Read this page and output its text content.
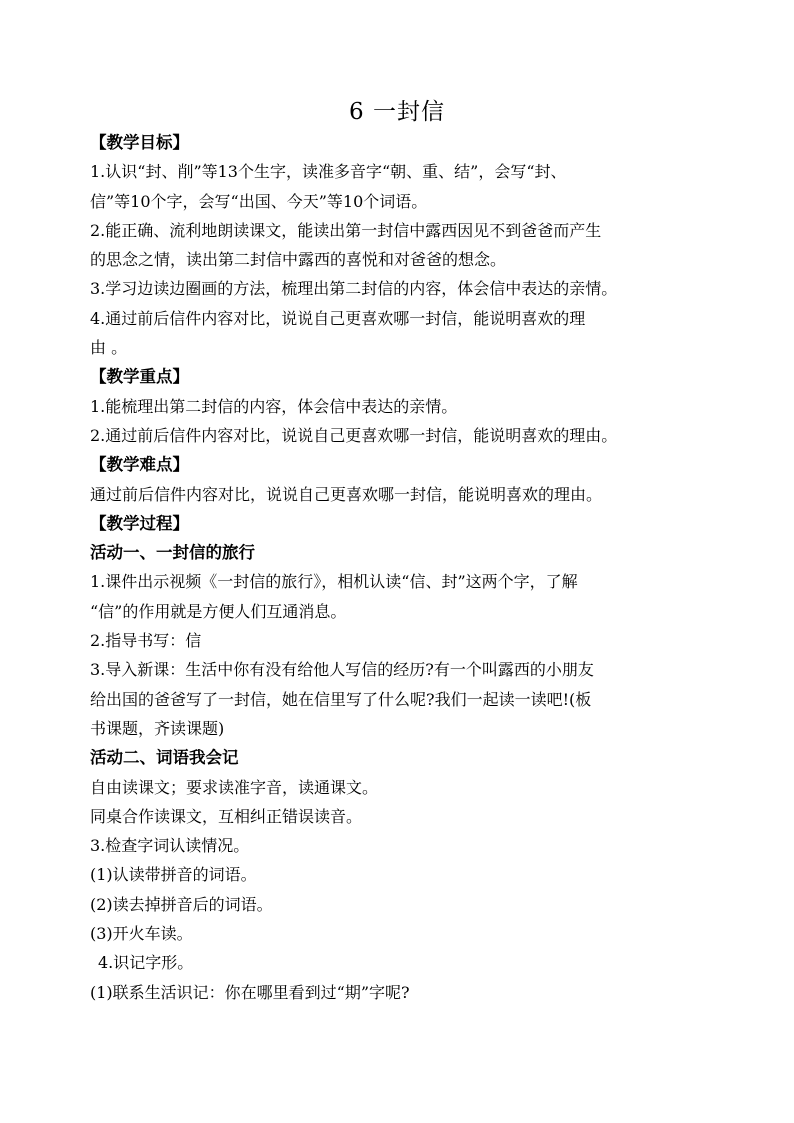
6 一封信
【教学目标】
1.认识“封、削”等13个生字，读准多音字“朝、重、结”，会写“封、
信”等10个字，会写“出国、今天”等10个词语。
2.能正确、流利地朗读课文，能读出第一封信中露西因见不到爸爸而产生
的思念之情，读出第二封信中露西的喜悦和对爸爸的想念。
3.学习边读边圈画的方法，梳理出第二封信的内容，体会信中表达的亲情。
4.通过前后信件内容对比，说说自己更喜欢哪一封信，能说明喜欢的理
由 。
【教学重点】
1.能梳理出第二封信的内容，体会信中表达的亲情。
2.通过前后信件内容对比，说说自己更喜欢哪一封信，能说明喜欢的理由。
【教学难点】
通过前后信件内容对比，说说自己更喜欢哪一封信，能说明喜欢的理由。
【教学过程】
活动一、一封信的旅行
1.课件出示视频《一封信的旅行》，相机认读“信、封”这两个字，了解
“信”的作用就是方便人们互通消息。
2.指导书写：信
3.导入新课：生活中你有没有给他人写信的经历?有一个叫露西的小朋友
给出国的爸爸写了一封信，她在信里写了什么呢?我们一起读一读吧!(板
书课题，齐读课题)
活动二、词语我会记
自由读课文；要求读准字音，读通课文。
同桌合作读课文，互相纠正错误读音。
3.检查字词认读情况。
(1)认读带拼音的词语。
(2)读去掉拼音后的词语。
(3)开火车读。
4.识记字形。
(1)联系生活识记：你在哪里看到过“期”字呢?
